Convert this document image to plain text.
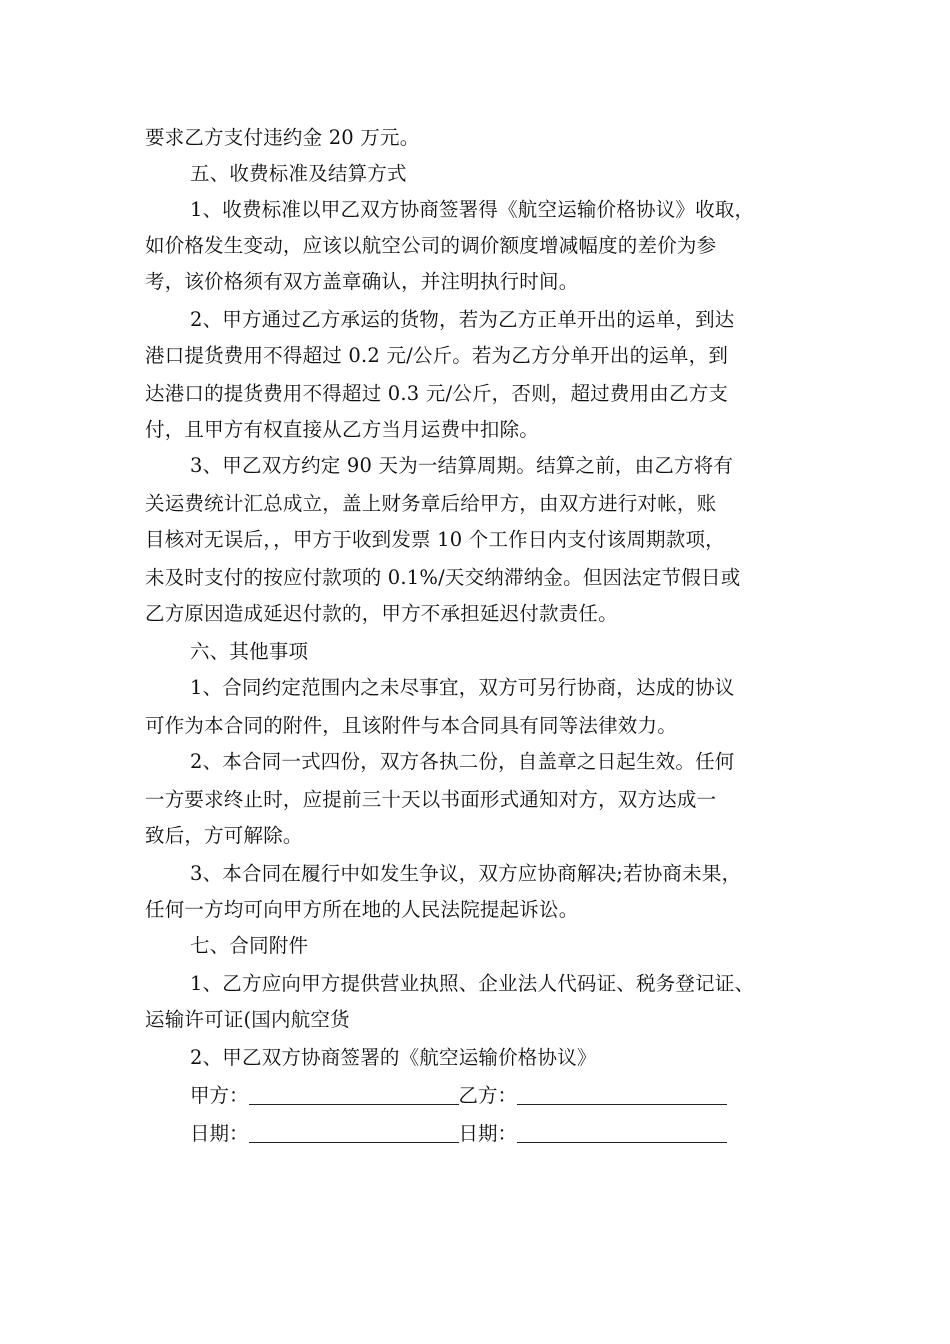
要求乙方支付违约金 20 万元。
五、收费标准及结算方式
1、收费标准以甲乙双方协商签署得《航空运输价格协议》收取，
如价格发生变动，应该以航空公司的调价额度增减幅度的差价为参
考，该价格须有双方盖章确认，并注明执行时间。
2、甲方通过乙方承运的货物，若为乙方正单开出的运单，到达
港口提货费用不得超过 0.2 元/公斤。若为乙方分单开出的运单，到
达港口的提货费用不得超过 0.3 元/公斤，否则，超过费用由乙方支
付，且甲方有权直接从乙方当月运费中扣除。
3、甲乙双方约定 90 天为一结算周期。结算之前，由乙方将有
关运费统计汇总成立，盖上财务章后给甲方，由双方进行对帐，账
目核对无误后，，甲方于收到发票 10 个工作日内支付该周期款项，
未及时支付的按应付款项的 0.1%/天交纳滞纳金。但因法定节假日或
乙方原因造成延迟付款的，甲方不承担延迟付款责任。
六、其他事项
1、合同约定范围内之未尽事宜，双方可另行协商，达成的协议
可作为本合同的附件，且该附件与本合同具有同等法律效力。
2、本合同一式四份，双方各执二份，自盖章之日起生效。任何
一方要求终止时，应提前三十天以书面形式通知对方，双方达成一
致后，方可解除。
3、本合同在履行中如发生争议，双方应协商解决;若协商未果，
任何一方均可向甲方所在地的人民法院提起诉讼。
七、合同附件
1、乙方应向甲方提供营业执照、企业法人代码证、税务登记证、
运输许可证(国内航空货
2、甲乙双方协商签署的《航空运输价格协议》
甲方：	乙方：
日期：	日期：
